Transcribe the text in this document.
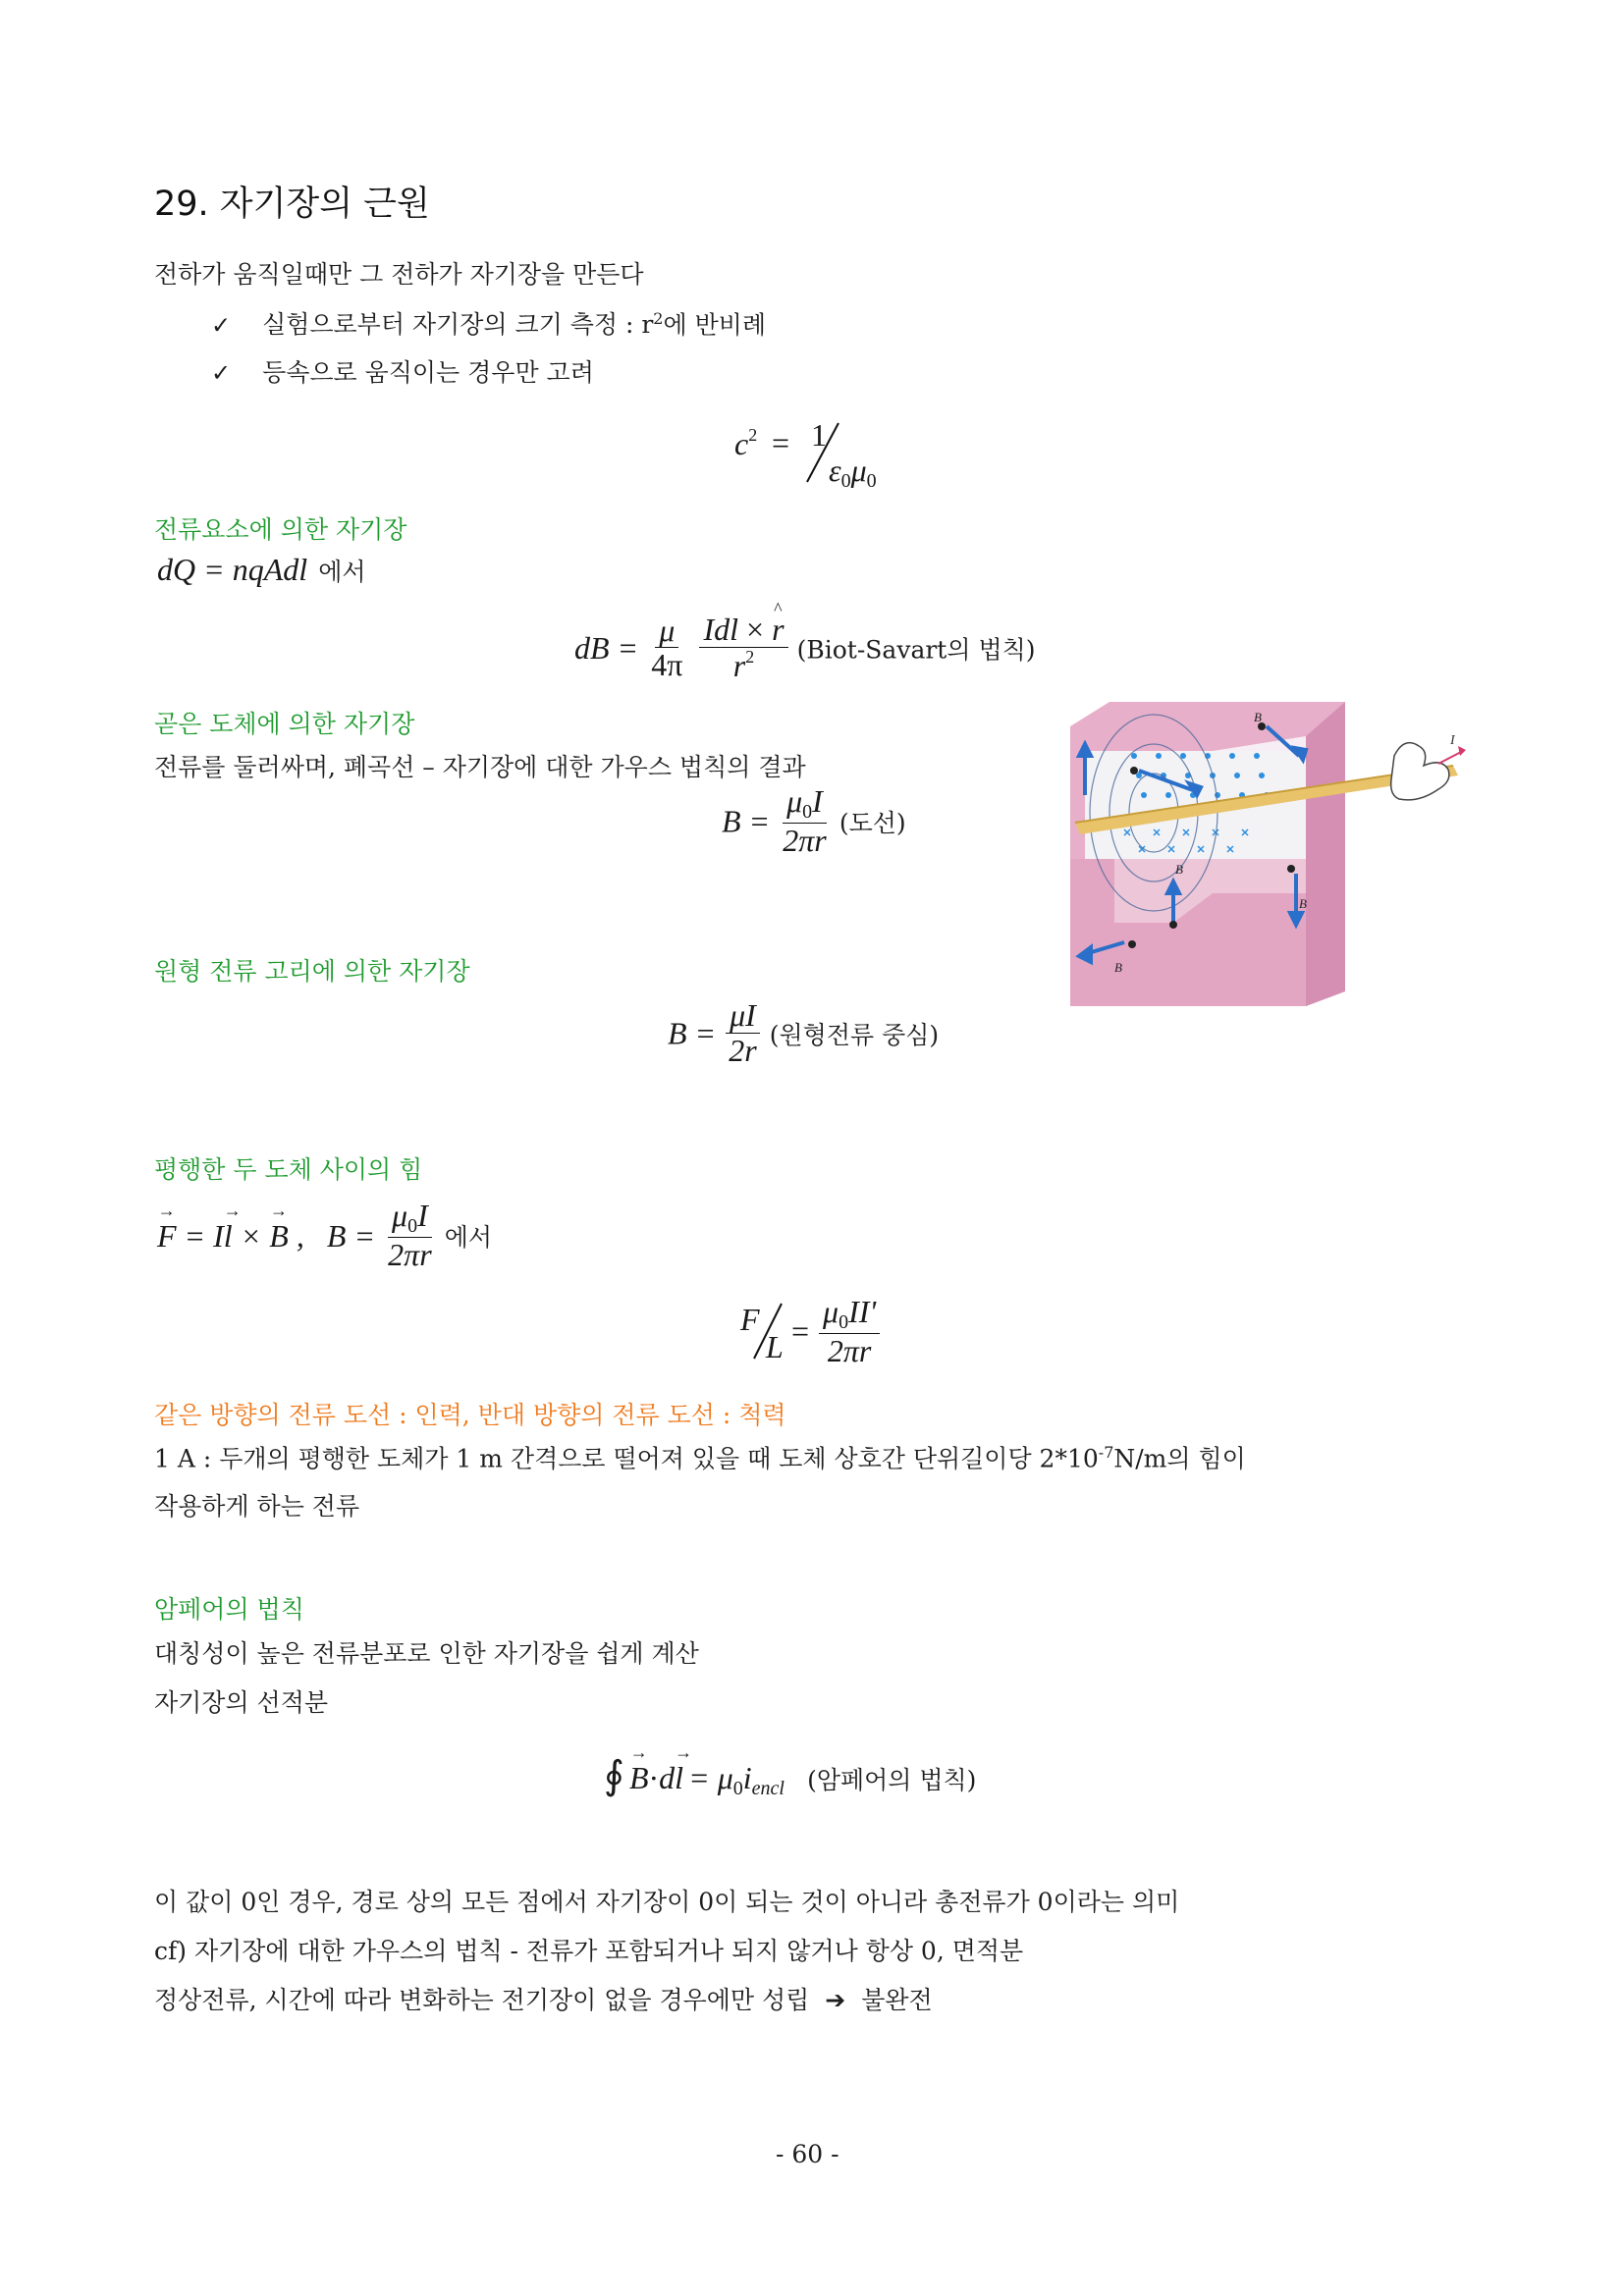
29. 자기장의 근원
전하가 움직일때만 그 전하가 자기장을 만든다
✓ 실험으로부터 자기장의 크기 측정 : $r^2$에 반비례
✓ 등속으로 움직이는 경우만 고려
$c^2 = 1$
$\varepsilon_0\mu_0$
전류요소에 의한 자기장
dQ = nqAdl 에서
dB = $\frac{\mu}{4\pi}$
$\frac{\text{Idl × \textasciicircum{} r}}{r^2}$ (Biot-Savart의 법칙)
곧은 도체에 의한 자기장
전류를 둘러싸며, 폐곡선 – 자기장에 대한 가우스 법칙의 결과
$B = \frac{\mu_0I}{2\pi r}$ (도선)
원형 전류 고리에 의한 자기장
$B = \frac{\mu I}{2r}$ (원형전류 중심)
평행한 두 도체 사이의 힘
→ F = I→ l × → B , $B = \frac{\mu_0I}{2\pi r}$ 에서
F
$L = \frac{\mu_0II'}{2\pi r}$
같은 방향의 전류 도선 : 인력, 반대 방향의 전류 도선 : 척력
1 A : 두개의 평행한 도체가 1 m 간격으로 떨어져 있을 때 도체 상호간 단위길이당 $2*10^{-7}N/m$의 힘이
작용하게 하는 전류
암페어의 법칙
대칭성이 높은 전류분포로 인한 자기장을 쉽게 계산
자기장의 선적분
∮ → B·d→ l = μ0iencl (암페어의 법칙)
이 값이 0인 경우, 경로 상의 모든 점에서 자기장이 0이 되는 것이 아니라 총전류가 0이라는 의미
cf) 자기장에 대한 가우스의 법칙 - 전류가 포함되거나 되지 않거나 항상 0, 면적분
정상전류, 시간에 따라 변화하는 전기장이 없을 경우에만 성립 ➔ 불완전
- 60 -
I
B
B
B
B
